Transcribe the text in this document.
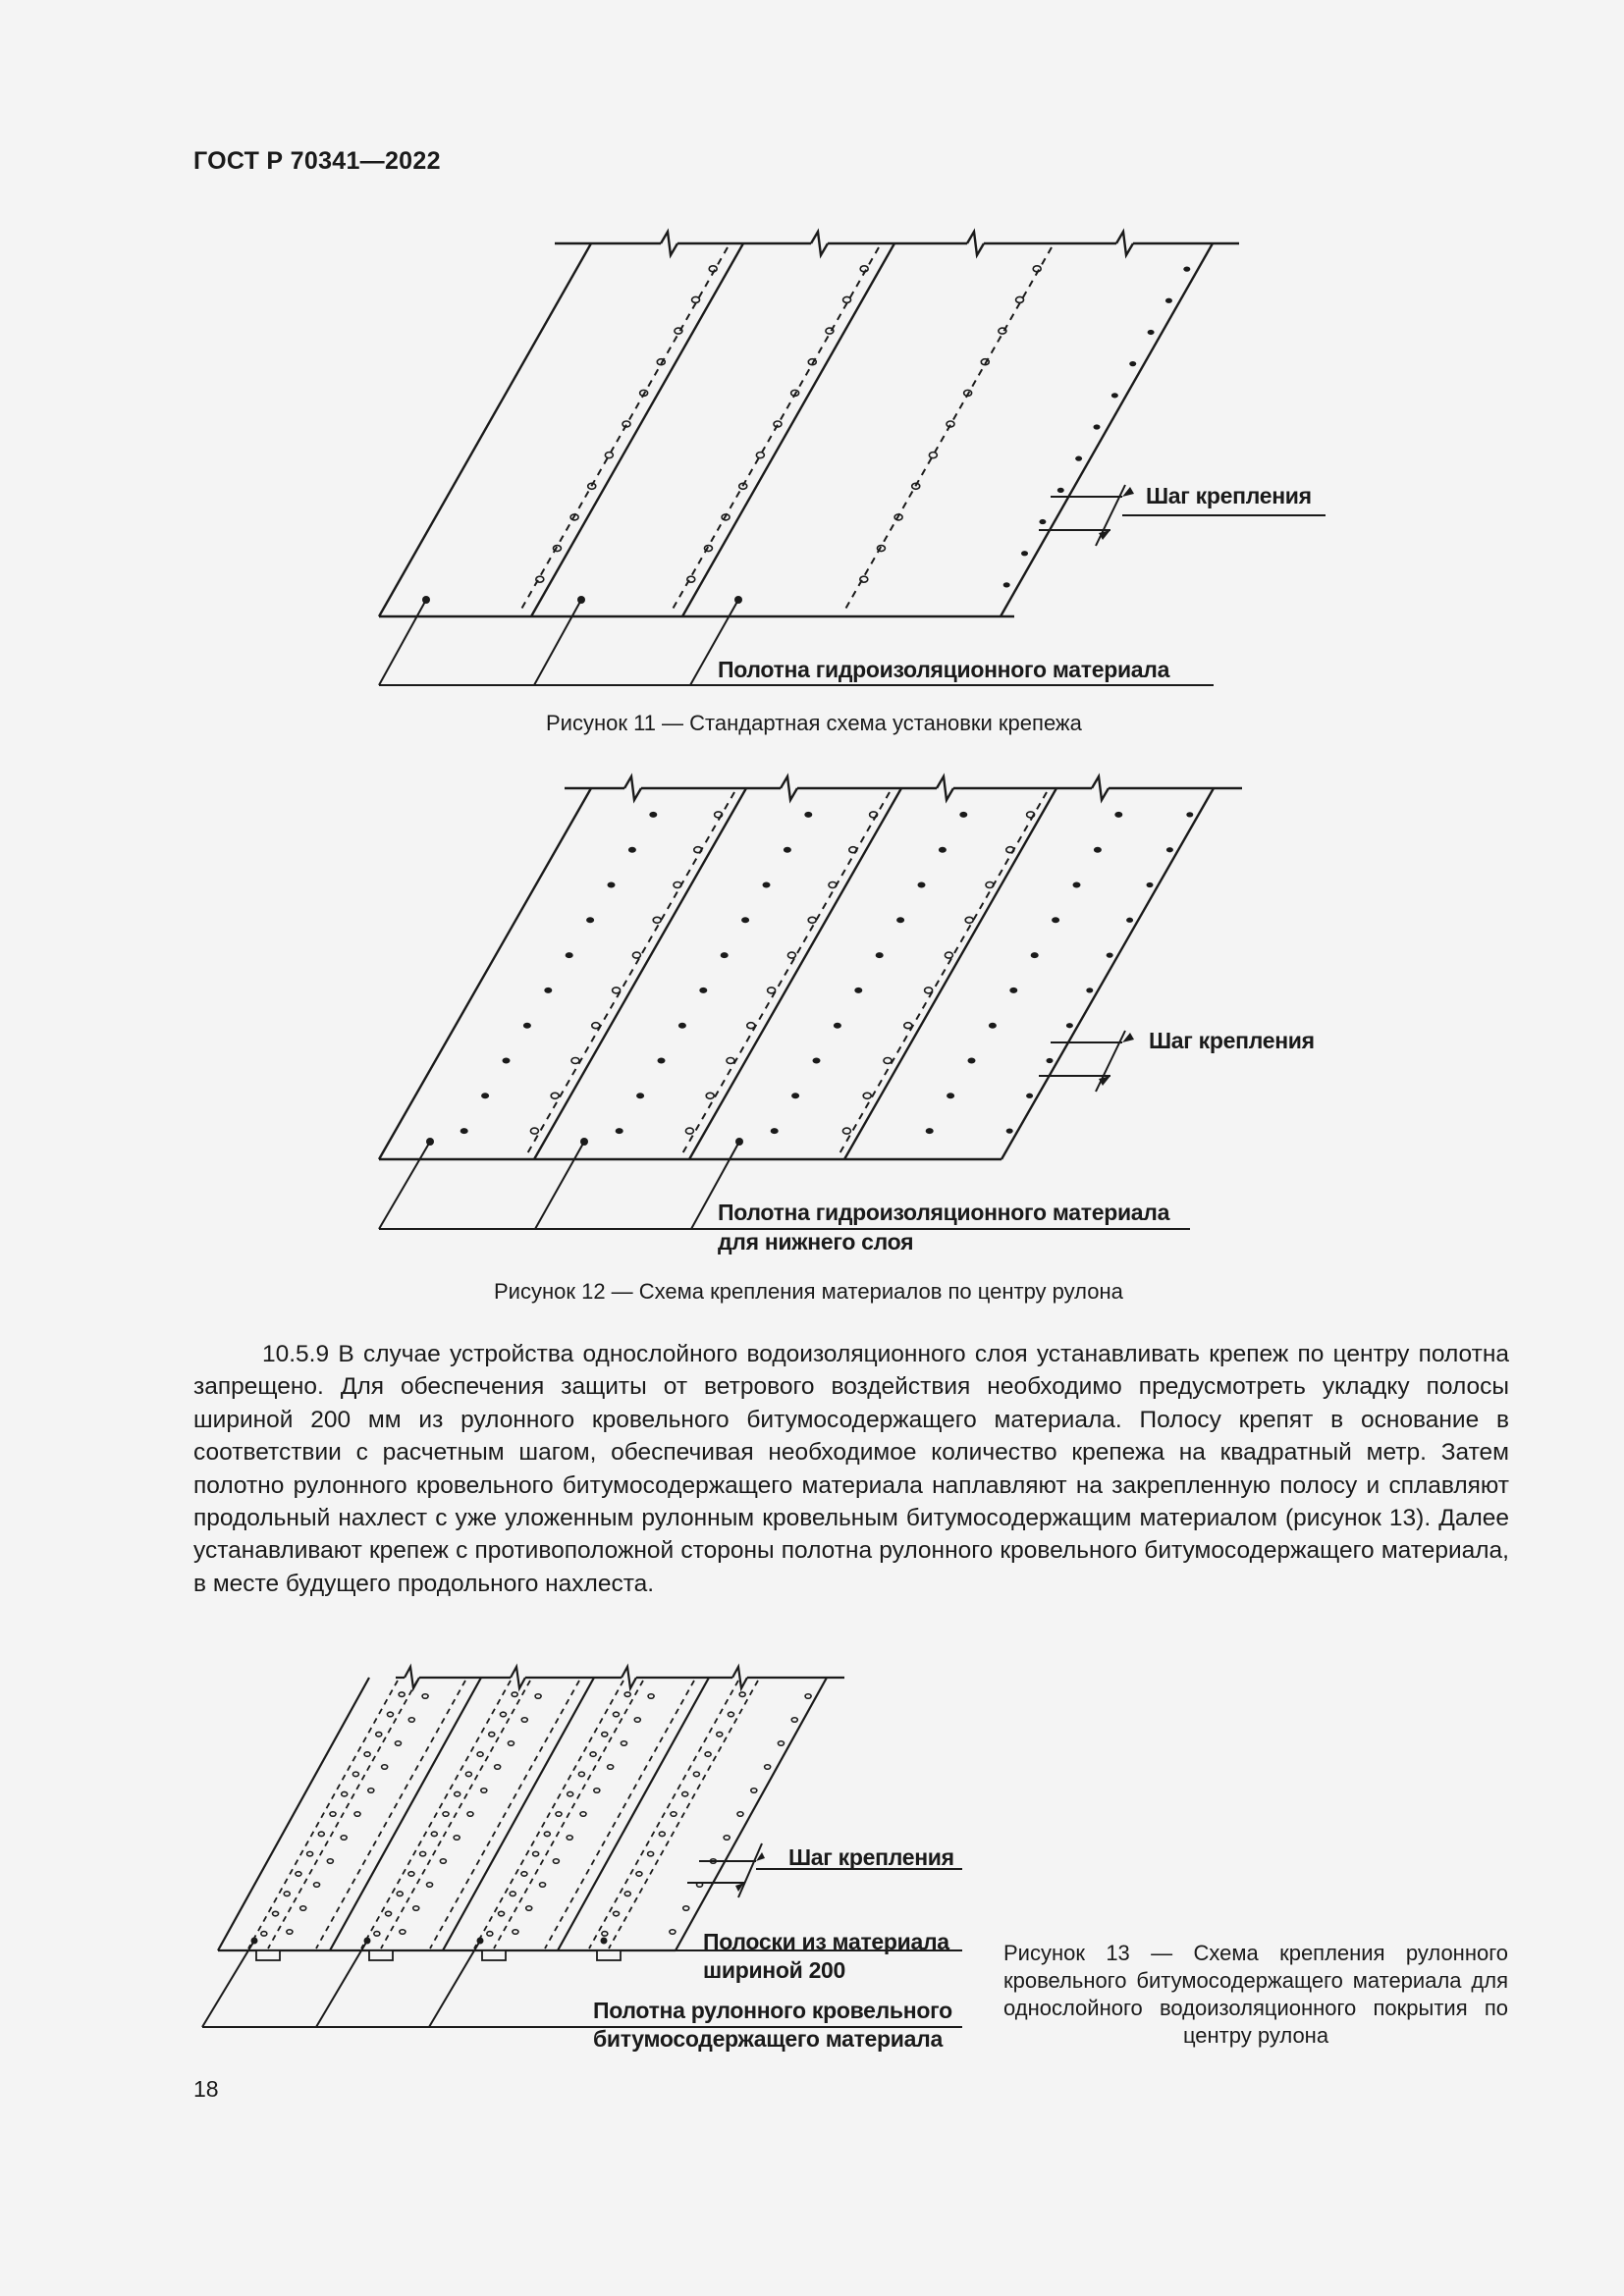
ГОСТ Р 70341—2022
Шаг крепления
Полотна гидроизоляционного материала
Рисунок 11 — Стандартная схема установки крепежа
Шаг крепления
Полотна гидроизоляционного материала
для нижнего слоя
Рисунок 12 — Схема крепления материалов по центру рулона

10.5.9 В случае устройства однослойного водоизоляционного слоя устанавливать крепеж по центру полотна запрещено. Для обеспечения защиты от ветрового воздействия необходимо предусмотреть укладку полосы шириной 200 мм из рулонного кровельного битумосодержащего материала. Полосу крепят в основание в соответствии с расчетным шагом, обеспечивая необходимое количество крепежа на квадратный метр. Затем полотно рулонного кровельного битумосодержащего материала наплавляют на закрепленную полосу и сплавляют продольный нахлест с уже уложенным рулонным кровельным битумосодержащим материалом (рисунок 13). Далее устанавливают крепеж с противоположной стороны полотна рулонного кровельного битумосодержащего материала, в месте будущего продольного нахлеста.

Шаг крепления
Полоски из материала
шириной 200
Полотна рулонного кровельного
битумосодержащего материала
Рисунок 13 — Схема крепления рулонного кровельного битумосодержащего материала для однослойного водоизоляционного покрытия по центру рулона
18
